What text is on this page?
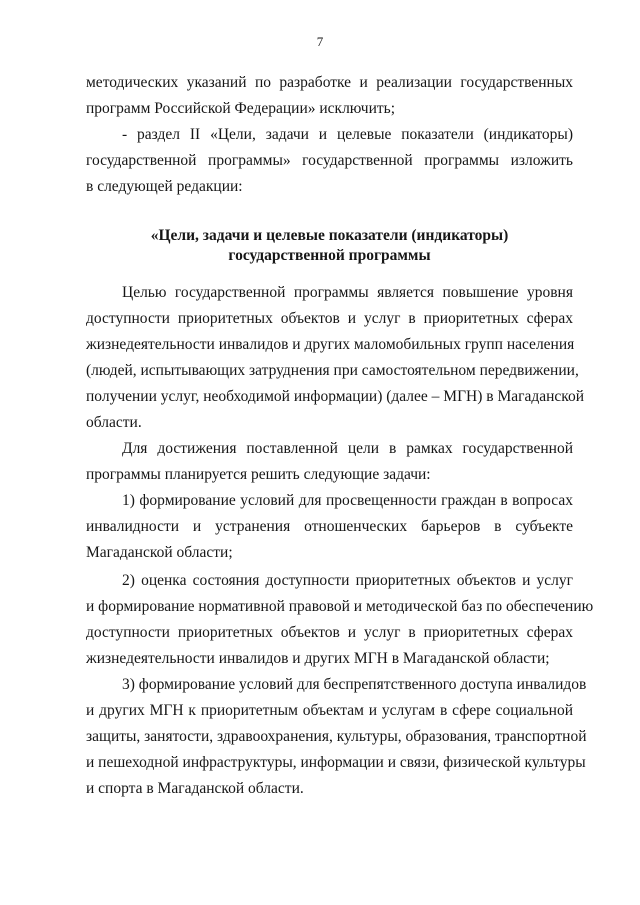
7
методических указаний по разработке и реализации государственных
программ Российской Федерации» исключить;
- раздел II «Цели, задачи и целевые показатели (индикаторы)
государственной программы» государственной программы изложить
в следующей редакции:
«Цели, задачи и целевые показатели (индикаторы)
государственной программы
Целью государственной программы является повышение уровня
доступности приоритетных объектов и услуг в приоритетных сферах
жизнедеятельности инвалидов и других маломобильных групп населения
(людей, испытывающих затруднения при самостоятельном передвижении,
получении услуг, необходимой информации) (далее – МГН) в Магаданской
области.
Для достижения поставленной цели в рамках государственной
программы планируется решить следующие задачи:
1) формирование условий для просвещенности граждан в вопросах
инвалидности и устранения отношенческих барьеров в субъекте
Магаданской области;
2) оценка состояния доступности приоритетных объектов и услуг
и формирование нормативной правовой и методической баз по обеспечению
доступности приоритетных объектов и услуг в приоритетных сферах
жизнедеятельности инвалидов и других МГН в Магаданской области;
3) формирование условий для беспрепятственного доступа инвалидов
и других МГН к приоритетным объектам и услугам в сфере социальной
защиты, занятости, здравоохранения, культуры, образования, транспортной
и пешеходной инфраструктуры, информации и связи, физической культуры
и спорта в Магаданской области.
